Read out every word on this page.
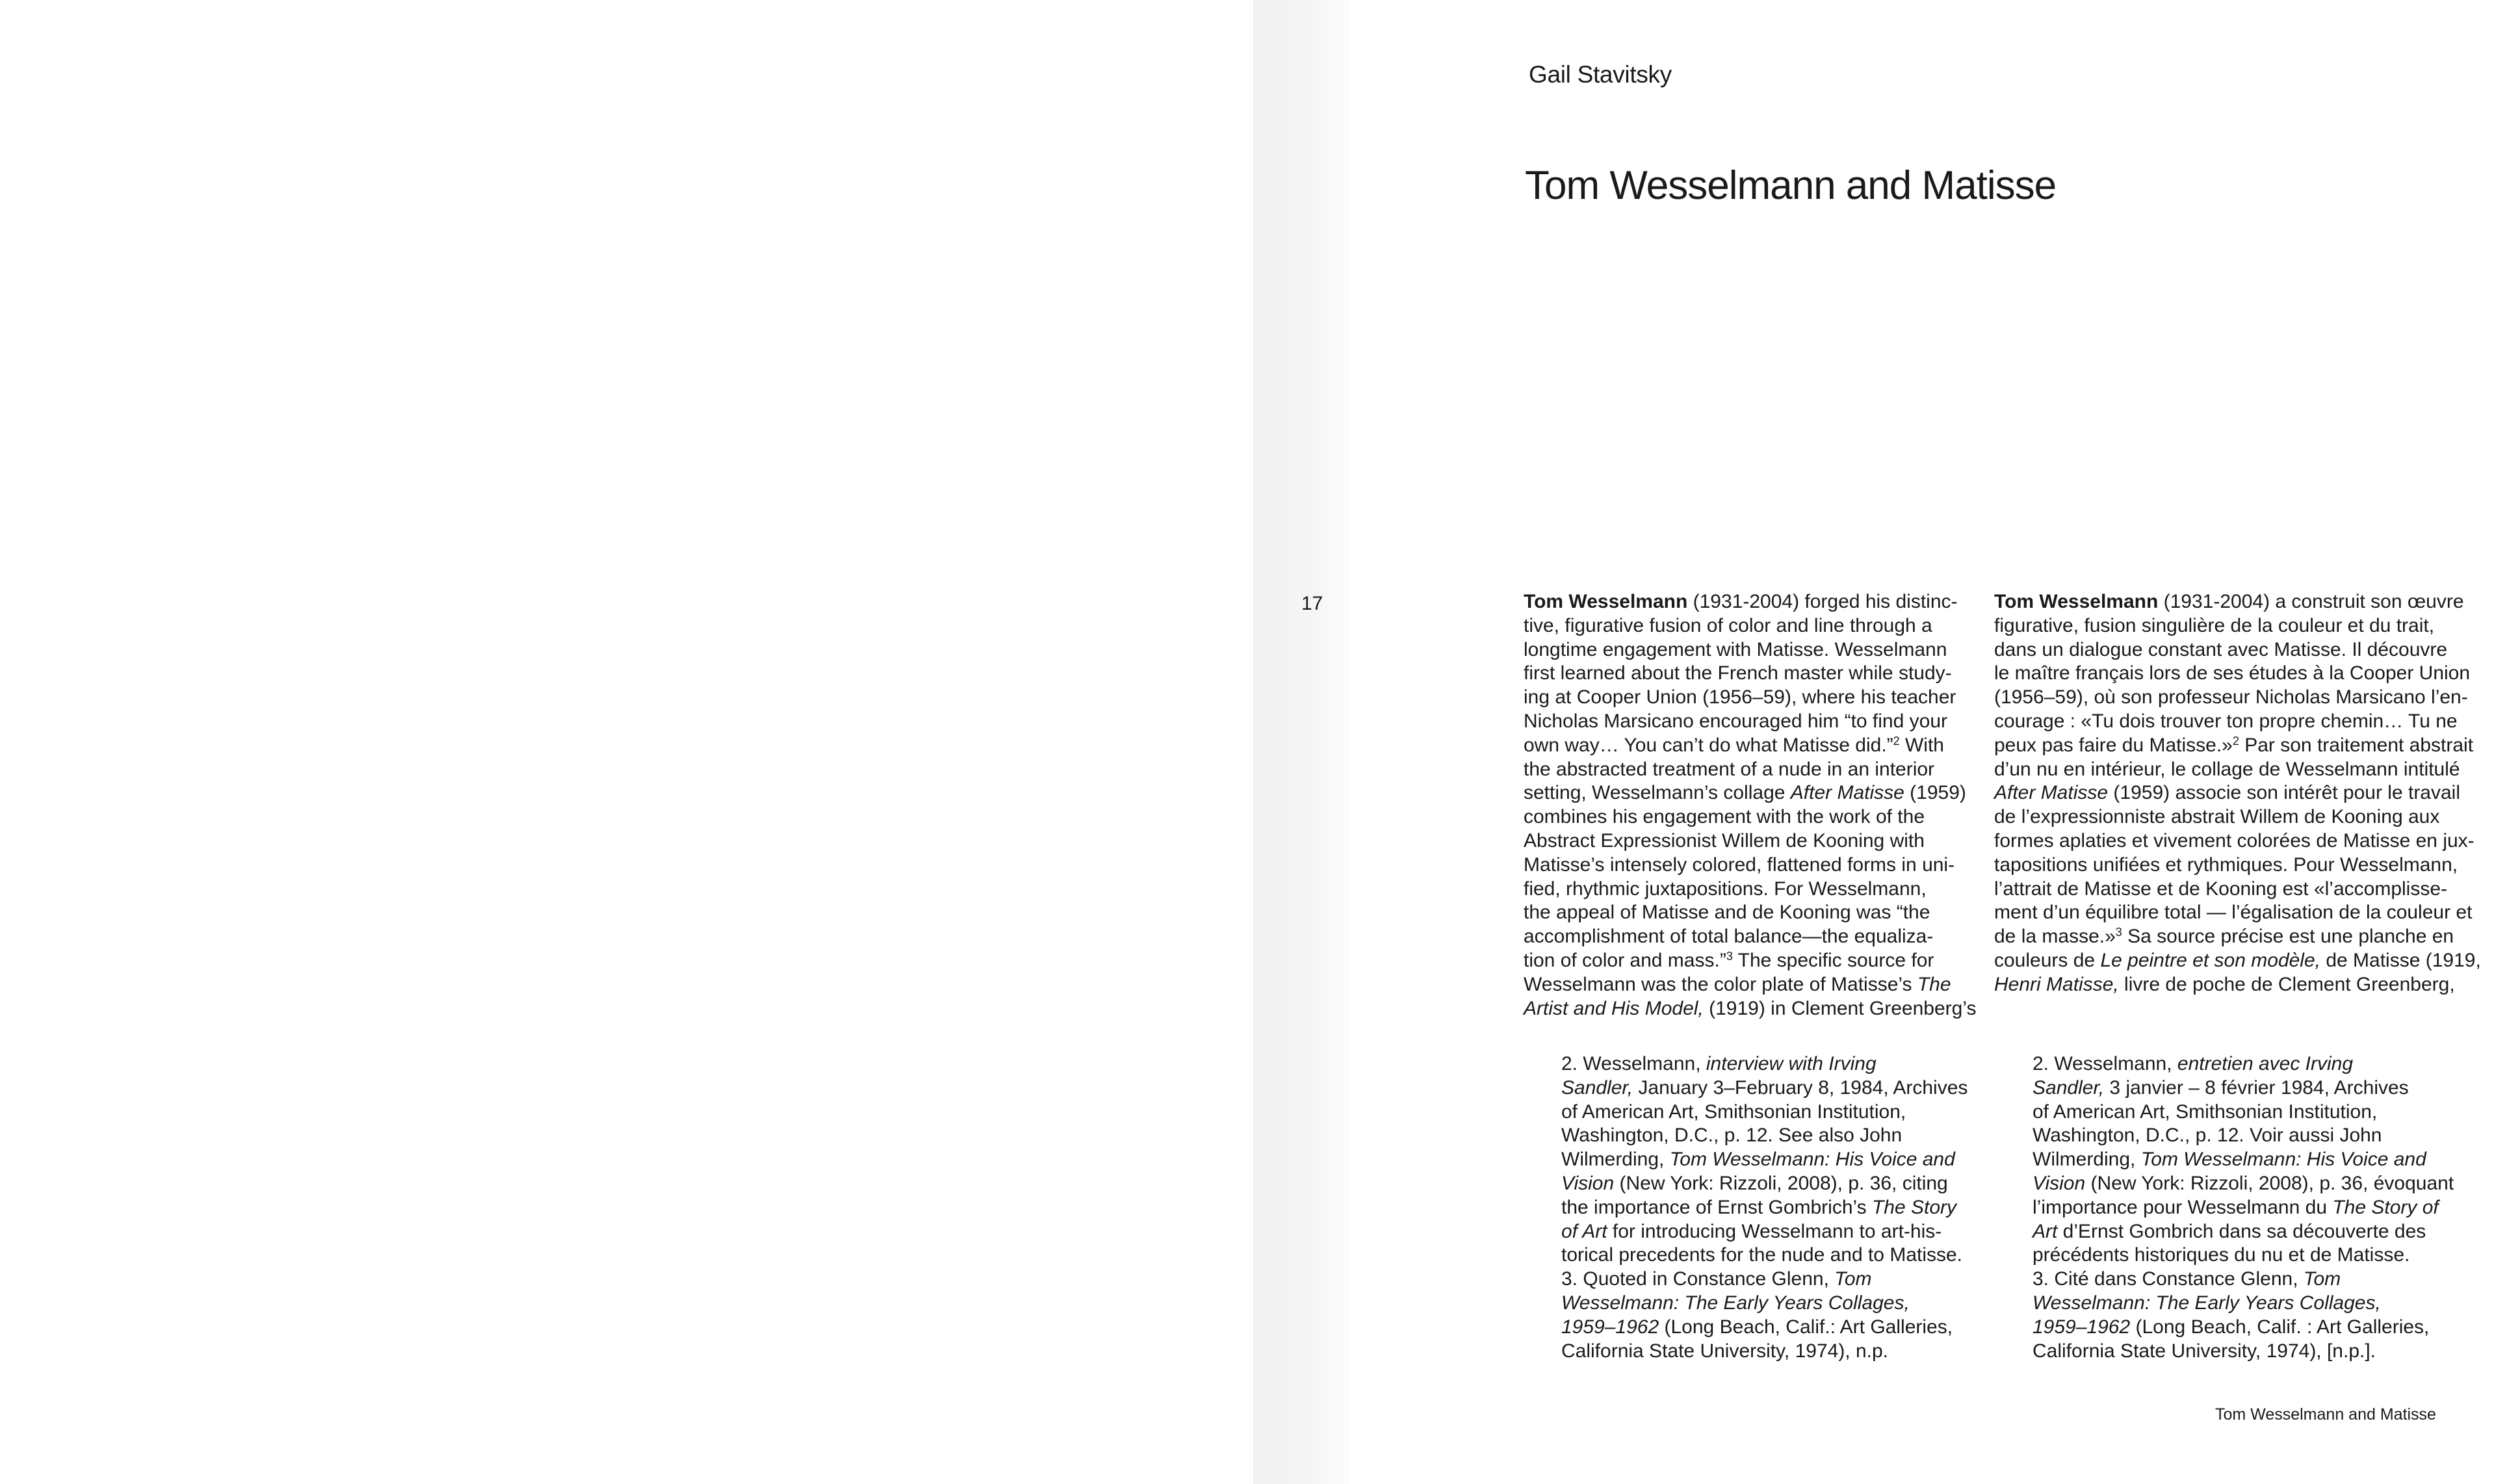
Gail Stavitsky
Tom Wesselmann and Matisse
17	Tom Wesselmann (1931-2004) forged his distinc-
tive, figurative fusion of color and line through a
longtime engagement with Matisse. Wesselmann
first learned about the French master while study-
ing at Cooper Union (1956–59), where his teacher
Nicholas Marsicano encouraged him “to find your
own way… You can’t do what Matisse did.”$^2$ With
the abstracted treatment of a nude in an interior
setting, Wesselmann’s collage After Matisse (1959)
combines his engagement with the work of the
Abstract Expressionist Willem de Kooning with
Matisse’s intensely colored, flattened forms in uni-
fied, rhythmic juxtapositions. For Wesselmann,
the appeal of Matisse and de Kooning was “the
accomplishment of total balance—the equaliza-
tion of color and mass.”$^3$ The specific source for
Wesselmann was the color plate of Matisse’s The
Artist and His Model, (1919) in Clement Greenberg’s
Tom Wesselmann (1931-2004) a construit son œuvre
figurative, fusion singulière de la couleur et du trait,
dans un dialogue constant avec Matisse. Il découvre
le maître français lors de ses études à la Cooper Union
(1956–59), où son professeur Nicholas Marsicano l’en-
courage : «Tu dois trouver ton propre chemin… Tu ne
peux pas faire du Matisse.»$^2$ Par son traitement abstrait
d’un nu en intérieur, le collage de Wesselmann intitulé
After Matisse (1959) associe son intérêt pour le travail
de l’expressionniste abstrait Willem de Kooning aux
formes aplaties et vivement colorées de Matisse en jux-
tapositions unifiées et rythmiques. Pour Wesselmann,
l’attrait de Matisse et de Kooning est «l’accomplisse-
ment d’un équilibre total — l’égalisation de la couleur et
de la masse.»$^3$ Sa source précise est une planche en
couleurs de Le peintre et son modèle, de Matisse (1919,
Henri Matisse, livre de poche de Clement Greenberg,
2. Wesselmann, interview with Irving
Sandler, January 3–February 8, 1984, Archives
of American Art, Smithsonian Institution,
Washington, D.C., p. 12. See also John
Wilmerding, Tom Wesselmann: His Voice and
Vision (New York: Rizzoli, 2008), p. 36, citing
the importance of Ernst Gombrich’s The Story
of Art for introducing Wesselmann to art-his-
torical precedents for the nude and to Matisse.
3. Quoted in Constance Glenn, Tom
Wesselmann: The Early Years Collages,
1959–1962 (Long Beach, Calif.: Art Galleries,
California State University, 1974), n.p.
2. Wesselmann, entretien avec Irving
Sandler, 3 janvier – 8 février 1984, Archives
of American Art, Smithsonian Institution,
Washington, D.C., p. 12. Voir aussi John
Wilmerding, Tom Wesselmann: His Voice and
Vision (New York: Rizzoli, 2008), p. 36, évoquant
l’importance pour Wesselmann du The Story of
Art d’Ernst Gombrich dans sa découverte des
précédents historiques du nu et de Matisse.
3. Cité dans Constance Glenn, Tom
Wesselmann: The Early Years Collages,
1959–1962 (Long Beach, Calif. : Art Galleries,
California State University, 1974), [n.p.].
Tom Wesselmann and Matisse
